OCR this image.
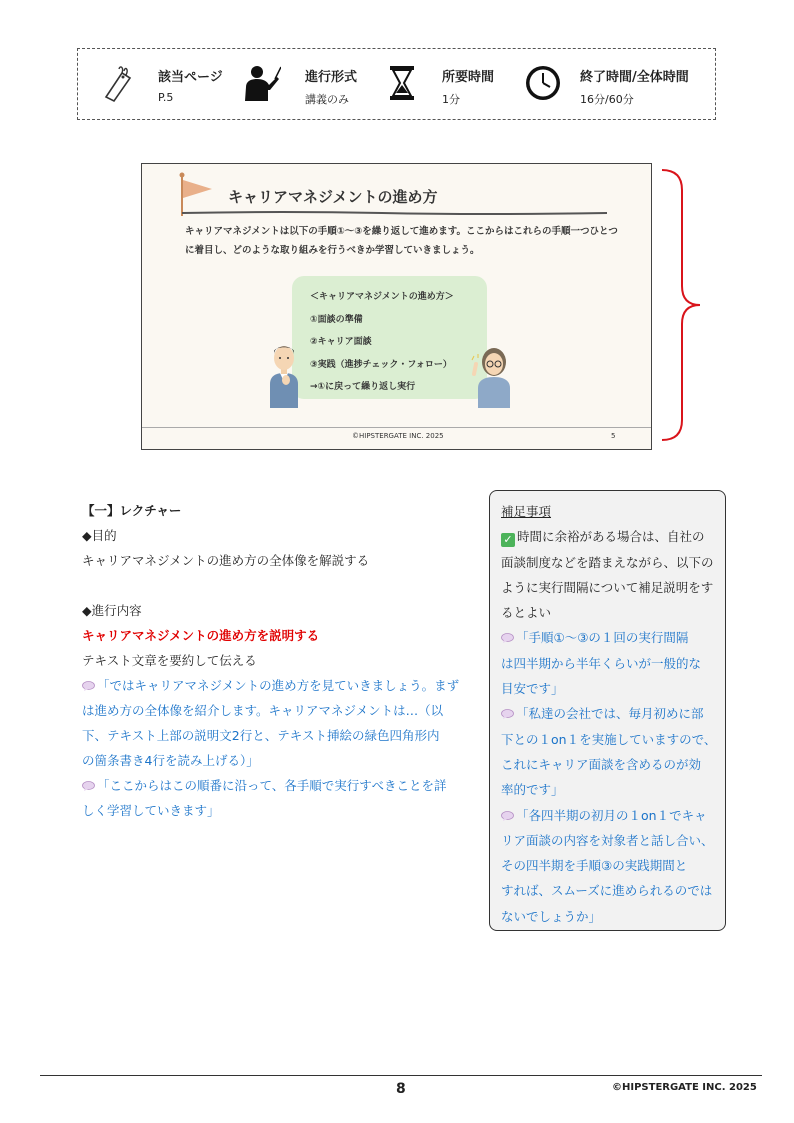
該当ページ
P.5
進行形式
講義のみ
所要時間
1分
終了時間/全体時間
16分/60分
キャリアマネジメントの進め方
キャリアマネジメントは以下の手順①～③を繰り返して進めます。ここからはこれらの手順一つひとつに着目し、どのような取り組みを行うべきか学習していきましょう。
＜キャリアマネジメントの進め方＞
①面談の準備
②キャリア面談
③実践（進捗チェック・フォロー）
→①に戻って繰り返し実行
©HIPSTERGATE INC. 2025	5
【一】レクチャー
◆目的
キャリアマネジメントの進め方の全体像を解説する
◆進行内容
キャリアマネジメントの進め方を説明する
テキスト文章を要約して伝える
「ではキャリアマネジメントの進め方を見ていきましょう。まず
は進め方の全体像を紹介します。キャリアマネジメントは…（以
下、テキスト上部の説明文2行と、テキスト挿絵の緑色四角形内
の箇条書き4行を読み上げる）」
「ここからはこの順番に沿って、各手順で実行すべきことを詳
しく学習していきます」
補足事項
✓ 時間に余裕がある場合は、自社の
面談制度などを踏まえながら、以下の
ように実行間隔について補足説明をす
るとよい
「手順①～③の１回の実行間隔
は四半期から半年くらいが一般的な
目安です」
「私達の会社では、毎月初めに部
下との１on１を実施していますので、
これにキャリア面談を含めるのが効
率的です」
「各四半期の初月の１on１でキャ
リア面談の内容を対象者と話し合い、
その四半期を手順③の実践期間と
すれば、スムーズに進められるのでは
ないでしょうか」
8	©HIPSTERGATE INC. 2025
